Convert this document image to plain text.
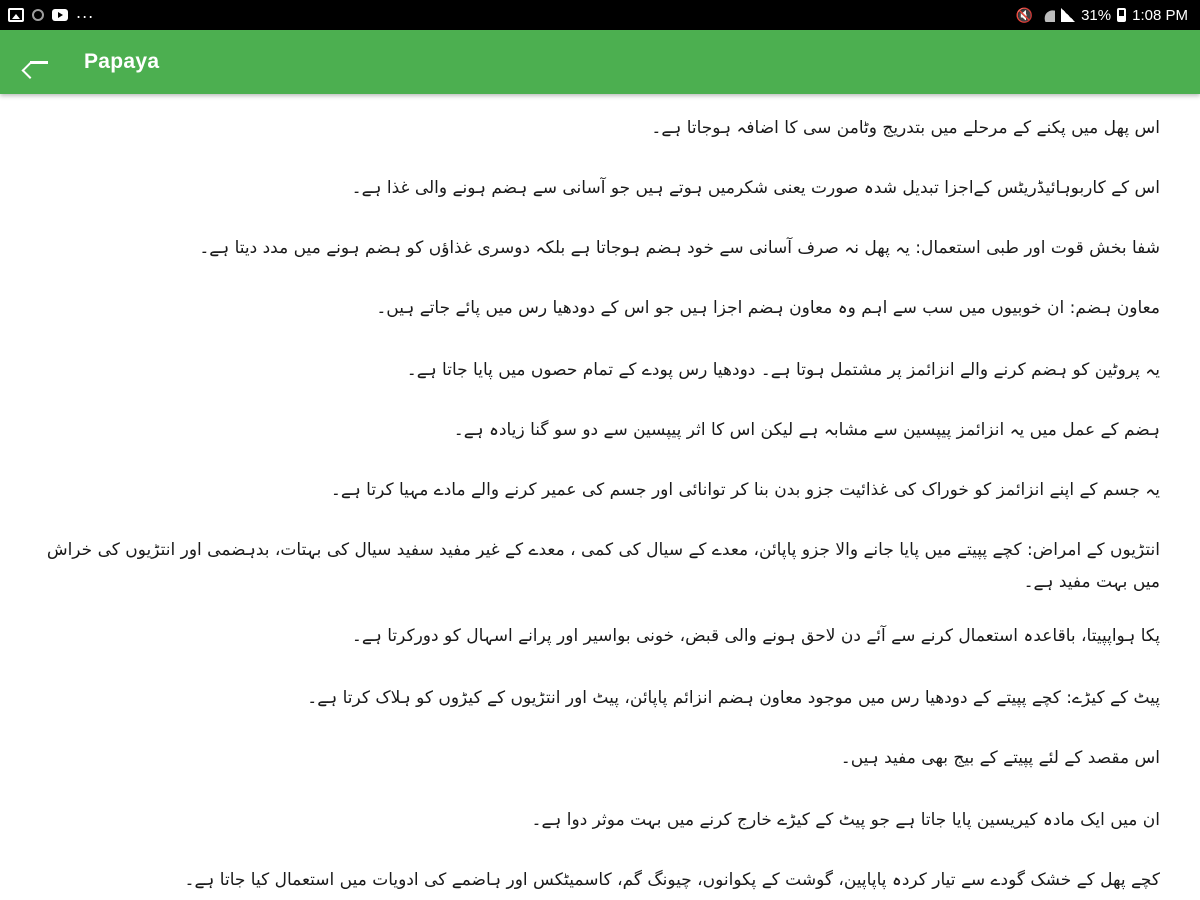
...	🔇	31% 1:08 PM
Papaya

اس پھل میں پکنے کے مرحلے میں بتدریج وٹامن سی کا اضافہ ہوجاتا ہے۔

اس کے کاربوہائیڈریٹس کےاجزا تبدیل شدہ صورت یعنی شکرمیں ہوتے ہیں جو آسانی سے ہضم ہونے والی غذا ہے۔

شفا بخش قوت اور طبی استعمال: یہ پھل نہ صرف آسانی سے خود ہضم ہوجاتا ہے بلکہ دوسری غذاؤں کو ہضم ہونے میں مدد دیتا ہے۔

معاون ہضم: ان خوبیوں میں سب سے اہم وہ معاون ہضم اجزا ہیں جو اس کے دودھیا رس میں پائے جاتے ہیں۔

یہ پروٹین کو ہضم کرنے والے انزائمز پر مشتمل ہوتا ہے۔ دودھیا رس پودے کے تمام حصوں میں پایا جاتا ہے۔

ہضم کے عمل میں یہ انزائمز پیپسین سے مشابہ ہے لیکن اس کا اثر پیپسین سے دو سو گنا زیادہ ہے۔

یہ جسم کے اپنے انزائمز کو خوراک کی غذائیت جزو بدن بنا کر توانائی اور جسم کی عمیر کرنے والے مادے مہیا کرتا ہے۔

انتڑیوں کے امراض: کچے پپیتے میں پایا جانے والا جزو پاپائن، معدے کے سیال کی کمی ، معدے کے غیر مفید سفید سیال کی بہتات، بدہضمی اور انتڑیوں کی خراش میں بہت مفید ہے۔

پکا ہواپپیتا، باقاعدہ استعمال کرنے سے آئے دن لاحق ہونے والی قبض، خونی بواسیر اور پرانے اسہال کو دورکرتا ہے۔

پیٹ کے کیڑے: کچے پپیتے کے دودھیا رس میں موجود معاون ہضم انزائم پاپائن، پیٹ اور انتڑیوں کے کیڑوں کو ہلاک کرتا ہے۔

اس مقصد کے لئے پپیتے کے بیج بھی مفید ہیں۔

ان میں ایک مادہ کیریسین پایا جاتا ہے جو پیٹ کے کیڑے خارج کرنے میں بہت موثر دوا ہے۔

کچے پھل کے خشک گودے سے تیار کردہ پاپاپین، گوشت کے پکوانوں، چیونگ گم، کاسمیٹکس اور ہاضمے کی ادویات میں استعمال کیا جاتا ہے۔
